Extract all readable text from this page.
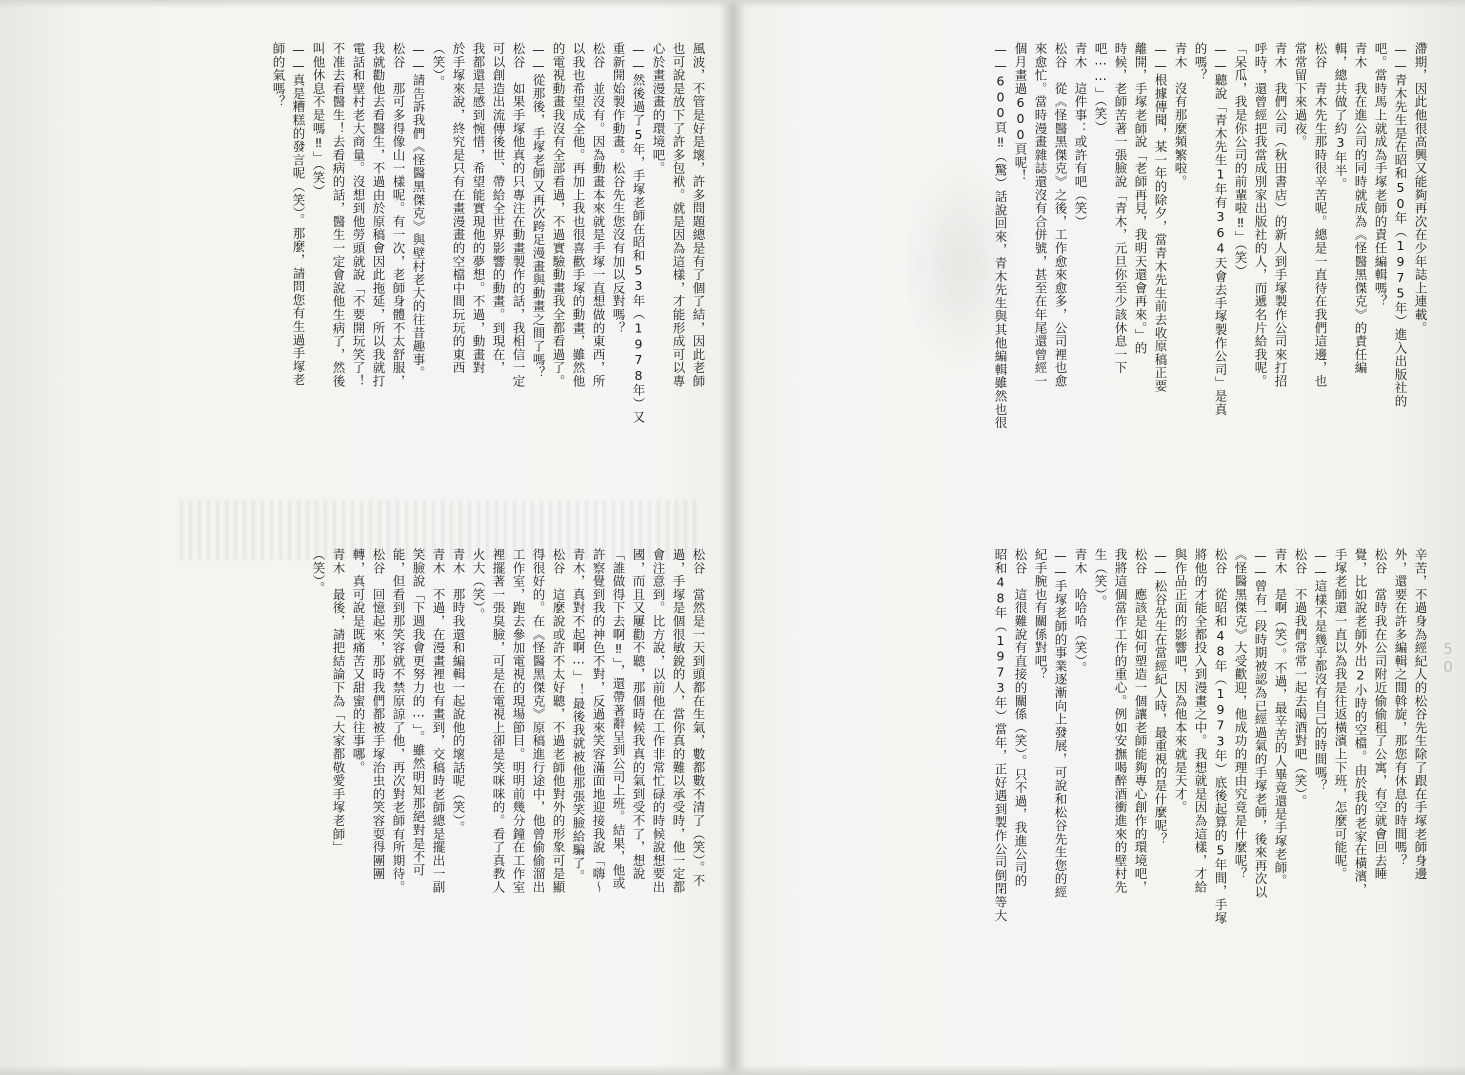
滯期，因此他很高興又能夠再次在少年誌上連載。
——青木先生是在昭和50年（1975年）進入出版社的
吧。當時馬上就成為手塚老師的責任編輯嗎？
青木　我在進公司的同時就成為《怪醫黑傑克》的責任編
輯，總共做了約3年半。
松谷　青木先生那時很辛苦呢。總是一直待在我們這邊，也
常常留下來過夜。
青木　我們公司（秋田書店）的新人到手塚製作公司來打招
呼時，還曾經把我當成別家出版社的人，而遞名片給我呢。
「呆瓜，我是你公司的前輩啦‼」（笑）
——聽說「青木先生1年有364天會去手塚製作公司」是真
的嗎？
青木　沒有那麼頻繁啦。
——根據傳聞，某一年的除夕，當青木先生前去收原稿正要
離開，手塚老師說「老師再見，我明天還會再來。」的
時候，老師苦著一張臉說「青木，元旦你至少該休息一下
吧⋯⋯」（笑）
青木　這件事：或許有吧（笑）
松谷　從《怪醫黑傑克》之後，工作愈來愈多，公司裡也愈
來愈忙。當時漫畫雜誌還沒有合併號，甚至在年尾還曾經一
個月畫過600頁呢！
——600頁‼（驚）話說回來，青木先生與其他編輯雖然也很
辛苦，不過身為經紀人的松谷先生除了跟在手塚老師身邊
外，還要在許多編輯之間斡旋，那您有休息的時間嗎？
松谷　當時我在公司附近偷偷租了公寓，有空就會回去睡
覺，比如說老師外出2小時的空檔。由於我的老家在橫濱，
手塚老師還一直以為我是往返橫濱上下班，怎麼可能呢。
——這樣不是幾乎都沒有自己的時間嗎？
松谷　不過我們常常一起去喝酒對吧（笑）。
青木　是啊（笑）。不過，最辛苦的人畢竟還是手塚老師。
——曾有一段時期被認為已經過氣的手塚老師，後來再次以
《怪醫黑傑克》大受歡迎，他成功的理由究竟是什麼呢？
松谷　從昭和48年（1973年）底後起算的5年間，手塚
將他的才能全都投入到漫畫之中。我想就是因為這樣，才給
與作品正面的影響吧，因為他本來就是天才。
——松谷先生在當經紀人時，最重視的是什麼呢？
松谷　應該是如何塑造一個讓老師能夠專心創作的環境吧，
我將這個當作工作的重心。例如安撫喝醉酒衝進來的壁村先
生（笑）。
青木　哈哈哈（笑）。
——手塚老師的事業逐漸向上發展，可說和松谷先生您的經
紀手腕也有關係對吧？
松谷　這很難說有直接的關係（笑）。只不過，我進公司的
昭和48年（1973年）當年，正好遇到製作公司倒閉等大
風波，不管是好是壞，許多問題總是有了個了結，因此老師
也可說是放下了許多包袱。就是因為這樣，才能形成可以專
心於畫漫畫的環境吧。
——然後過了5年，手塚老師在昭和53年（1978年）又
重新開始製作動畫。松谷先生您沒有加以反對嗎？
松谷　並沒有。因為動畫本來就是手塚一直想做的東西，所
以我也希望成全他。再加上我也很喜歡手塚的動畫，雖然他
的電視動畫我沒有全部看過，不過實驗動畫我全都看過了。
——從那後，手塚老師又再次跨足漫畫與動畫之間了嗎？
松谷　如果手塚他真的只專注在動畫製作的話，我相信一定
可以創造出流傳後世、帶給全世界影響的動畫。到現在，
我都還是感到惋惜，希望能實現他的夢想。不過，動畫對
於手塚來說，終究是只有在畫漫畫的空檔中間玩玩的東西
（笑）。
——請告訴我們《怪醫黑傑克》與壁村老大的往昔趣事。
松谷　那可多得像山一樣呢。有一次，老師身體不太舒服，
我就勸他去看醫生，不過由於原稿會因此拖延，所以我就打
電話和壁村老大商量。沒想到他勞頭就說「不要開玩笑了！
不准去看醫生！去看病的話，醫生一定會說他生病了，然後
叫他休息不是嗎‼」（笑）
——真是糟糕的發言呢（笑）。那麼，請問您有生過手塚老
師的氣嗎？
松谷　當然是一天到頭都在生氣，數都數不清了（笑）。不
過，手塚是個很敏銳的人，當你真的難以承受時，他一定都
會注意到。比方說，以前他在工作非常忙碌的時候說想要出
國，而且又屢勸不聽，那個時候我真的氣到受不了，想說
「誰做得下去啊‼」，還帶著辭呈到公司上班。結果，他或
許察覺到我的神色不對，反過來笑容滿面地迎接我說「嗨～
青木，真對不起啊⋯」！最後我就被他那張笑臉給騙了。
松谷　這麼說或許不太好聽，不過老師他對外的形象可是顯
得很好的。在《怪醫黑傑克》原稿進行途中，他曾偷偷溜出
工作室，跑去參加電視的現場節目。明明前幾分鐘在工作室
裡擺著一張臭臉，可是在電視上卻是笑咪咪的。看了真教人
火大（笑）。
青木　那時我還和編輯一起說他的壞話呢（笑）。
青木　不過，在漫畫裡也有畫到，交稿時老師總是擺出一副
笑臉說「下週我會更努力的⋯」。雖然明知那絕對是不可
能，但看到那笑容就不禁原諒了他，再次對老師有所期待。
松谷　回憶起來，那時我們都被手塚治虫的笑容耍得團團
轉，真可說是既痛苦又甜蜜的往事哪。
青木　最後，請把結論下為「大家都敬愛手塚老師」
（笑）。
50
